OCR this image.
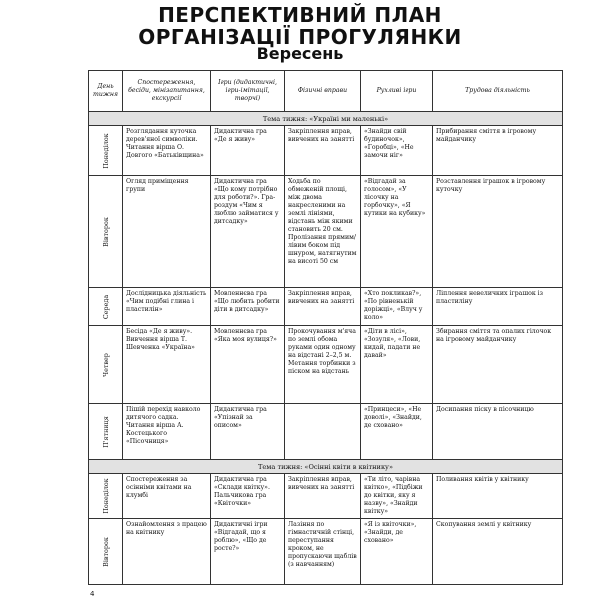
ПЕРСПЕКТИВНИЙ ПЛАН
ОРГАНІЗАЦІЇ ПРОГУЛЯНКИ
Вересень
День тижня	Спостереження, бесіди, мінізапитання, екскурсії	Ігри (дидактичні, ігри-імітації, творчі)	Фізичні вправи	Рухливі ігри	Трудова діяльність
Тема тижня: «Україні ми маленькі»					

Понеділок	Розглядання куточка дерев'яної символіки. Читання вірша О. Довгого «Батьківщина»	Дидактична гра «Де я живу»	Закріплення вправ, вивчених на занятті	«Знайди свій будиночок», «Горобці», «Не замочи ніг»	Прибирання сміття в ігровому майданчику

Вівторок	Огляд приміщення групи	Дидактична гра «Що кому потрібно для роботи?». Гра-роздум «Чим я люблю займатися у дитсадку»	Ходьба по обмеженій площі, між двома накресленими на землі лініями, відстань між якими становить 20 см. Пролізання прямим/лівим боком під шнуром, натягнутим на висоті 50 см	«Відгадай за голосом», «У лісочку на горбочку», «Я кутики на кубику»	Розставлення іграшок в ігровому куточку

Середа	Дослідницька діяльність «Чим подібні глина і пластилін»	Мовленнєва гра «Що любить робити діти в дитсадку»	Закріплення вправ, вивчених на занятті	«Хто покликав?», «По рівненькій доріжці», «Влуч у коло»	Ліплення невеличких іграшок із пластиліну

Четвер	Бесіда «Де я живу». Вивчення вірша Т. Шевченка «Україна»	Мовленнєва гра «Яка моя вулиця?»	Прокочування м'яча по землі обома руками один одному на відстані 2–2,5 м. Метання торбинки з піском на відстань	«Діти в лісі», «Зозуля», «Лови, кидай, падати не давай»	Збирання сміття та опалих гілочок на ігровому майданчику

П'ятниця	Пішій перехід навколо дитячого садка. Читання вірша А. Костецького «Пісочниця»	Дидактична гра «Упізнай за описом»		«Принцеси», «Не доволі», «Знайди, де сховано»	Досипання піску в пісочницю
Тема тижня: «Осінні квіти в квітнику»					

Понеділок	Спостереження за осінніми квітами на клумбі	Дидактична гра «Склади квітку». Пальчикова гра «Квіточки»	Закріплення вправ, вивчених на занятті	«Ти літо, чарівна квітко», «Підбіжи до квітки, яку я назву», «Знайди квітку»	Поливання квітів у квітнику

Вівторок	Ознайомлення з працею на квітнику	Дидактичні ігри «Відгадай, що я роблю», «Що де росте?»	Лазіння по гімнастичній стінці, переступання кроком, не пропускаючи щаблів (з навчанням)	«Я із квіточки», «Знайди, де сховано»	Скопування землі у квітнику
4
